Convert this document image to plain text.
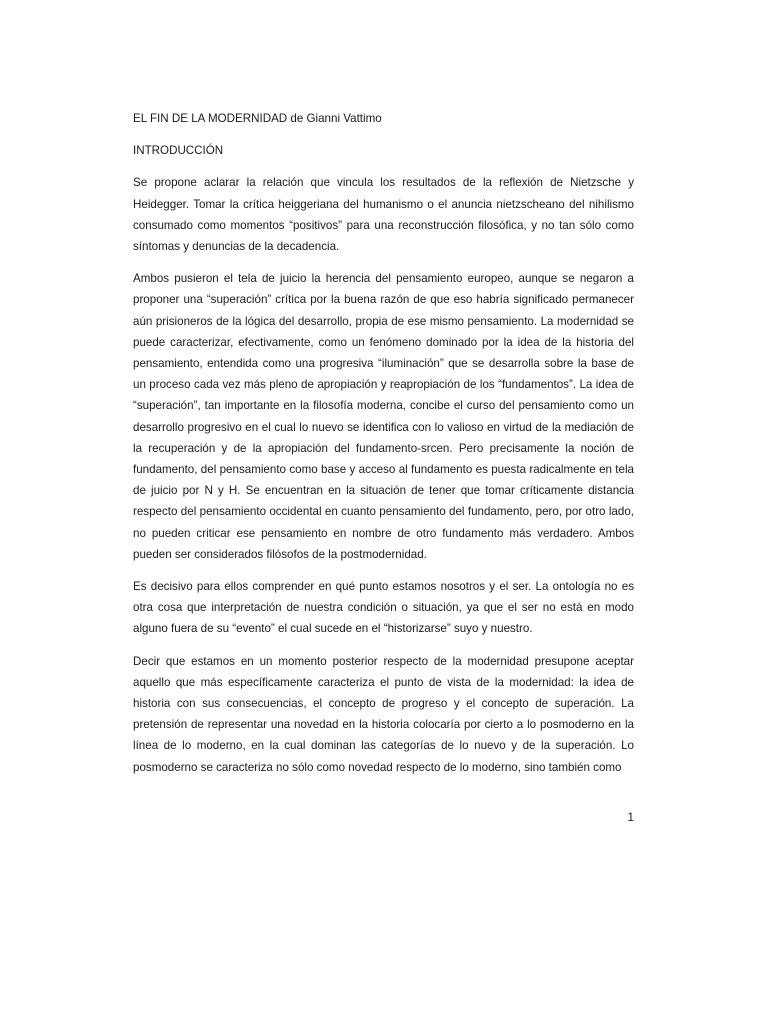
EL FIN DE LA MODERNIDAD de Gianni Vattimo

INTRODUCCIÓN

Se propone aclarar la relación que vincula los resultados de la reflexión de Nietzsche y Heidegger. Tomar la crítica heiggeriana del humanismo o el anuncia nietzscheano del nihilismo consumado como momentos “positivos” para una reconstrucción filosófica, y no tan sólo como síntomas y denuncias de la decadencia.

Ambos pusieron el tela de juicio la herencia del pensamiento europeo, aunque se negaron a proponer una “superación” crítica por la buena razón de que eso habría significado permanecer aún prisioneros de la lógica del desarrollo, propia de ese mismo pensamiento. La modernidad se puede caracterizar, efectivamente, como un fenómeno dominado por la idea de la historia del pensamiento, entendida como una progresiva “iluminación” que se desarrolla sobre la base de un proceso cada vez más pleno de apropiación y reapropiación de los “fundamentos”. La idea de “superación”, tan importante en la filosofía moderna, concibe el curso del pensamiento como un desarrollo progresivo en el cual lo nuevo se identifica con lo valioso en virtud de la mediación de la recuperación y de la apropiación del fundamento-srcen. Pero precisamente la noción de fundamento, del pensamiento como base y acceso al fundamento es puesta radicalmente en tela de juicio por N y H. Se encuentran en la situación de tener que tomar críticamente distancia respecto del pensamiento occidental en cuanto pensamiento del fundamento, pero, por otro lado, no pueden criticar ese pensamiento en nombre de otro fundamento más verdadero. Ambos pueden ser considerados filósofos de la postmodernidad.

Es decisivo para ellos comprender en qué punto estamos nosotros y el ser. La ontología no es otra cosa que interpretación de nuestra condición o situación, ya que el ser no está en modo alguno fuera de su “evento” el cual sucede en el “historizarse” suyo y nuestro.

Decir que estamos en un momento posterior respecto de la modernidad presupone aceptar aquello que más específicamente caracteriza el punto de vista de la modernidad: la idea de historia con sus consecuencias, el concepto de progreso y el concepto de superación. La pretensión de representar una novedad en la historia colocaría por cierto a lo posmoderno en la línea de lo moderno, en la cual dominan las categorías de lo nuevo y de la superación. Lo posmoderno se caracteriza no sólo como novedad respecto de lo moderno, sino también como

1
